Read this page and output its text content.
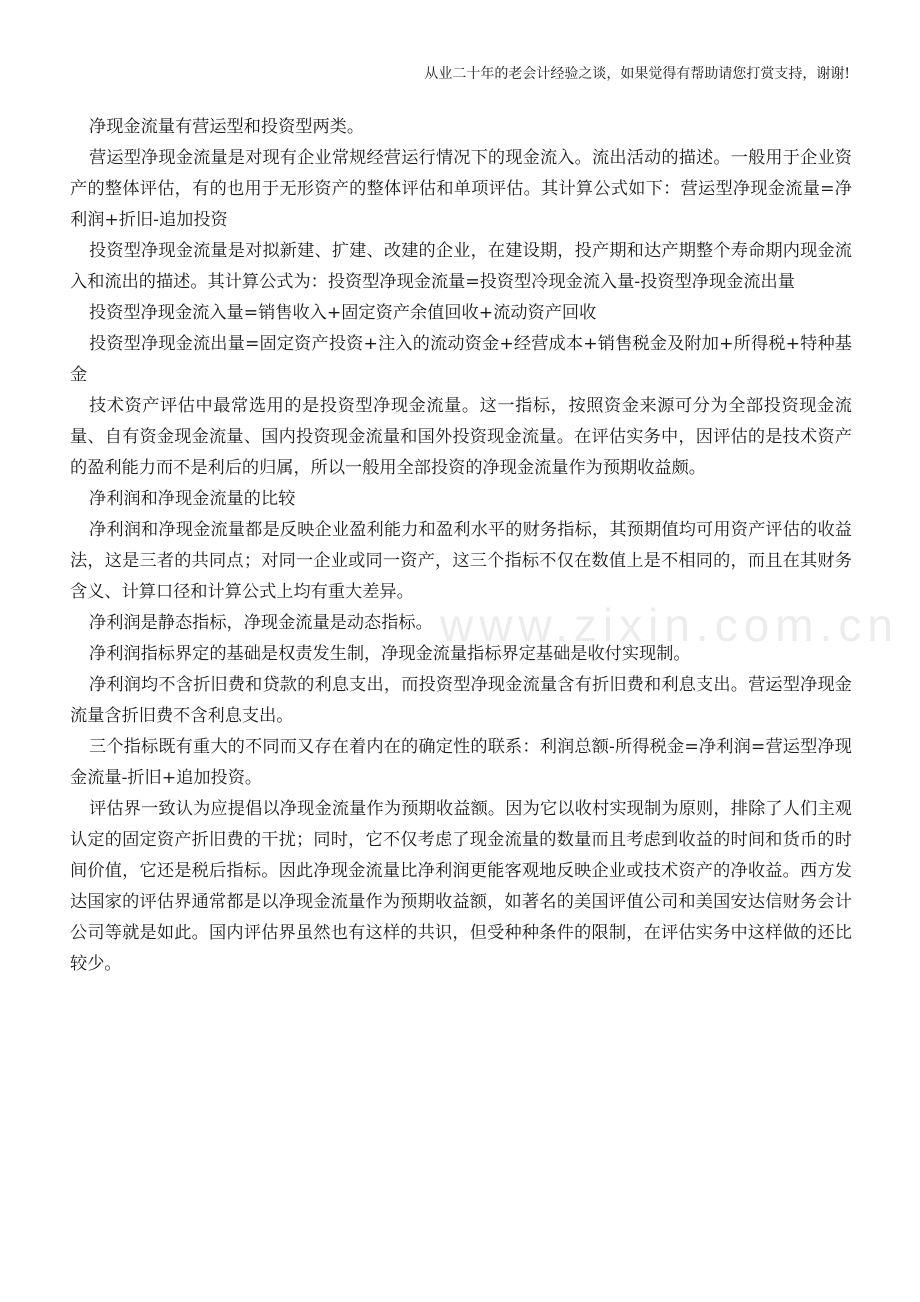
从业二十年的老会计经验之谈，如果觉得有帮助请您打赏支持，谢谢!
www.zixin.com.cn

净现金流量有营运型和投资型两类。

营运型净现金流量是对现有企业常规经营运行情况下的现金流入。流出活动的描述。一般用于企业资产的整体评估，有的也用于无形资产的整体评估和单项评估。其计算公式如下：营运型净现金流量=净利润+折旧-追加投资

投资型净现金流量是对拟新建、扩建、改建的企业，在建设期，投产期和达产期整个寿命期内现金流入和流出的描述。其计算公式为：投资型净现金流量=投资型冷现金流入量-投资型净现金流出量

投资型净现金流入量=销售收入+固定资产余值回收+流动资产回收

投资型净现金流出量=固定资产投资+注入的流动资金+经营成本+销售税金及附加+所得税+特种基金

技术资产评估中最常选用的是投资型净现金流量。这一指标，按照资金来源可分为全部投资现金流量、自有资金现金流量、国内投资现金流量和国外投资现金流量。在评估实务中，因评估的是技术资产的盈利能力而不是利后的归属，所以一般用全部投资的净现金流量作为预期收益颇。

净利润和净现金流量的比较

净利润和净现金流量都是反映企业盈利能力和盈利水平的财务指标，其预期值均可用资产评估的收益法，这是三者的共同点；对同一企业或同一资产，这三个指标不仅在数值上是不相同的，而且在其财务含义、计算口径和计算公式上均有重大差异。

净利润是静态指标，净现金流量是动态指标。

净利润指标界定的基础是权责发生制，净现金流量指标界定基础是收付实现制。

净利润均不含折旧费和贷款的利息支出，而投资型净现金流量含有折旧费和利息支出。营运型净现金流量含折旧费不含利息支出。

三个指标既有重大的不同而又存在着内在的确定性的联系：利润总额-所得税金=净利润=营运型净现金流量-折旧+追加投资。

评估界一致认为应提倡以净现金流量作为预期收益额。因为它以收村实现制为原则，排除了人们主观认定的固定资产折旧费的干扰；同时，它不仅考虑了现金流量的数量而且考虑到收益的时间和货币的时间价值，它还是税后指标。因此净现金流量比净利润更能客观地反映企业或技术资产的净收益。西方发达国家的评估界通常都是以净现金流量作为预期收益额，如著名的美国评值公司和美国安达信财务会计公司等就是如此。国内评估界虽然也有这样的共识，但受种种条件的限制，在评估实务中这样做的还比较少。
